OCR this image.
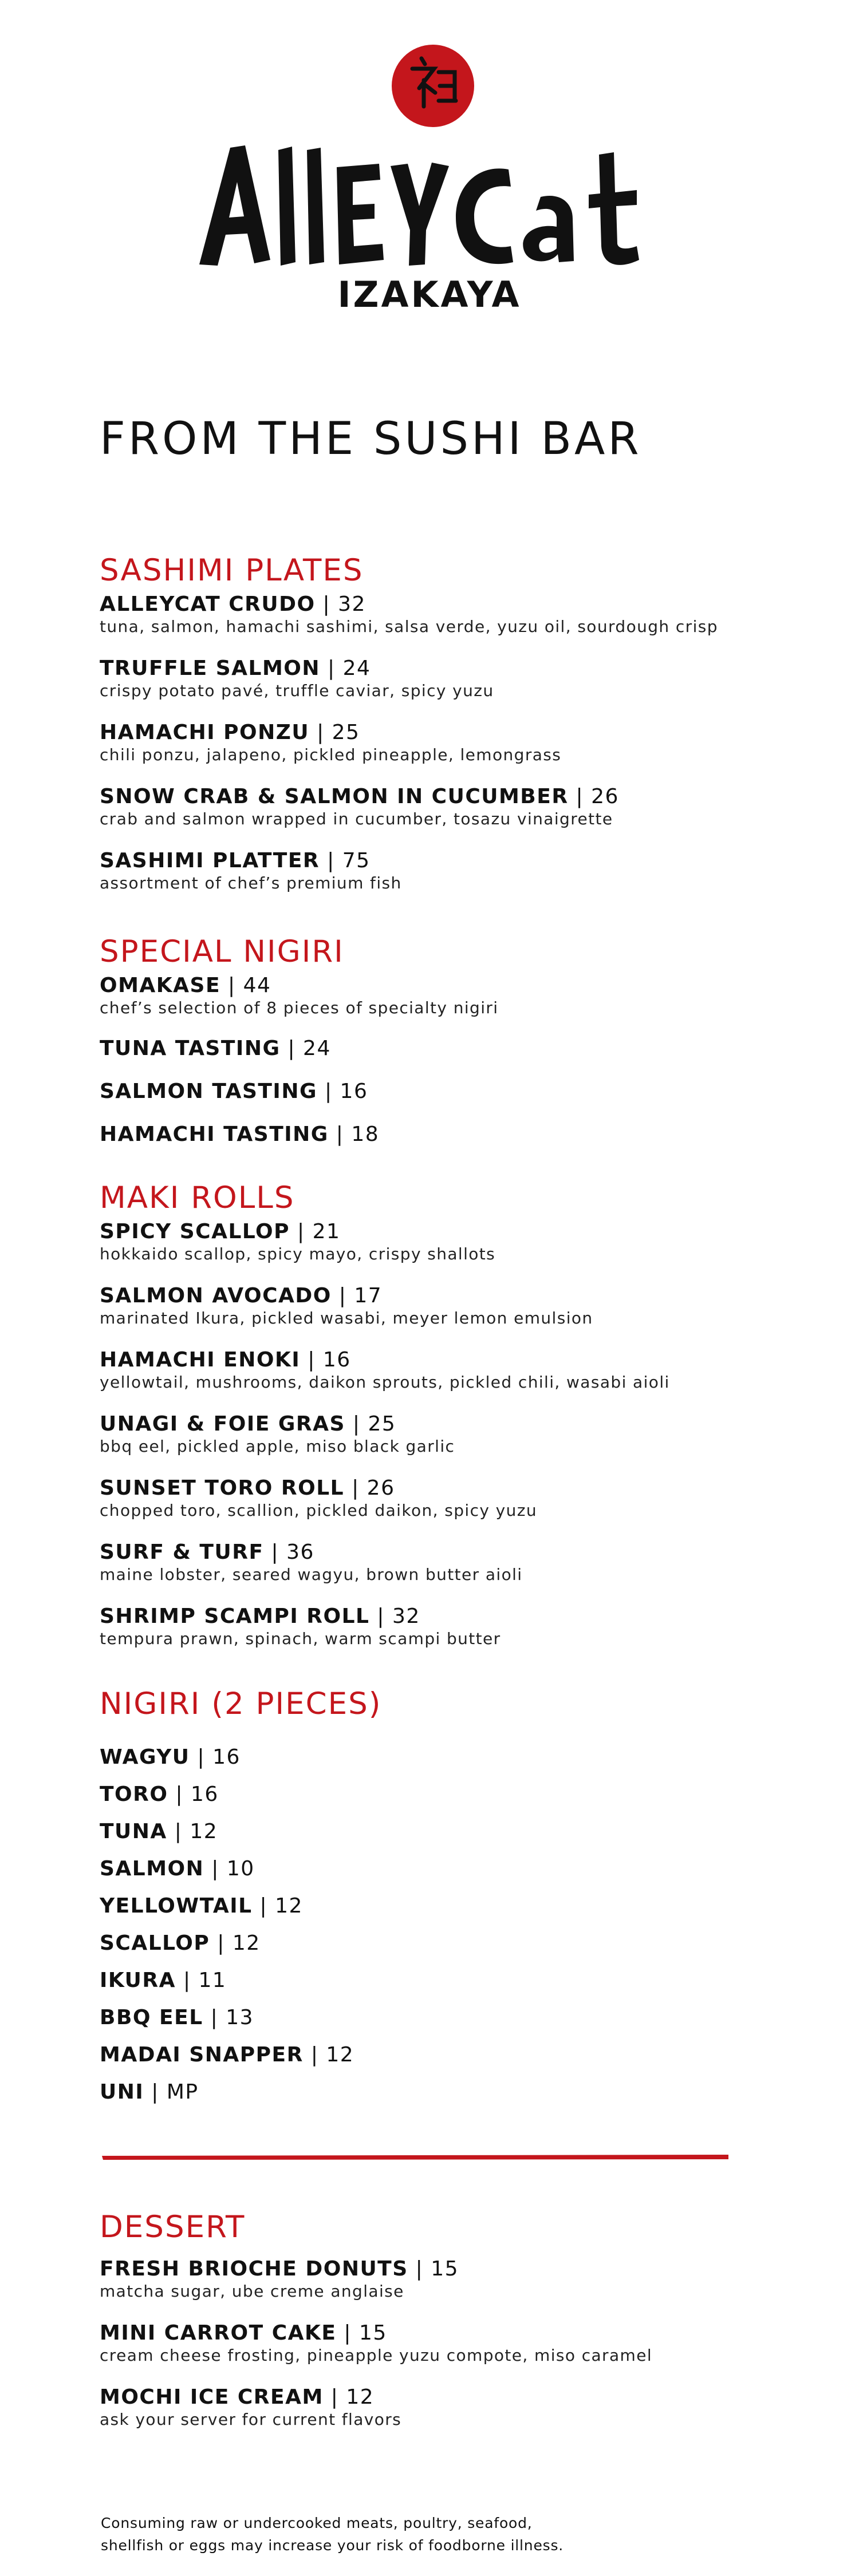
IZAKAYA
FROM THE SUSHI BAR
SASHIMI PLATES
ALLEYCAT CRUDO | 32
tuna, salmon, hamachi sashimi, salsa verde, yuzu oil, sourdough crisp
TRUFFLE SALMON | 24
crispy potato pavé, truffle caviar, spicy yuzu
HAMACHI PONZU | 25
chili ponzu, jalapeno, pickled pineapple, lemongrass
SNOW CRAB & SALMON IN CUCUMBER | 26
crab and salmon wrapped in cucumber, tosazu vinaigrette
SASHIMI PLATTER | 75
assortment of chef’s premium fish
SPECIAL NIGIRI
OMAKASE | 44
chef’s selection of 8 pieces of specialty nigiri
TUNA TASTING | 24
SALMON TASTING | 16
HAMACHI TASTING | 18
MAKI ROLLS
SPICY SCALLOP | 21
hokkaido scallop, spicy mayo, crispy shallots
SALMON AVOCADO | 17
marinated Ikura, pickled wasabi, meyer lemon emulsion
HAMACHI ENOKI | 16
yellowtail, mushrooms, daikon sprouts, pickled chili, wasabi aioli
UNAGI & FOIE GRAS | 25
bbq eel, pickled apple, miso black garlic
SUNSET TORO ROLL | 26
chopped toro, scallion, pickled daikon, spicy yuzu
SURF & TURF | 36
maine lobster, seared wagyu, brown butter aioli
SHRIMP SCAMPI ROLL | 32
tempura prawn, spinach, warm scampi butter
NIGIRI (2 PIECES)
WAGYU | 16
TORO | 16
TUNA | 12
SALMON | 10
YELLOWTAIL | 12
SCALLOP | 12
IKURA | 11
BBQ EEL | 13
MADAI SNAPPER | 12
UNI | MP
DESSERT
FRESH BRIOCHE DONUTS | 15
matcha sugar, ube creme anglaise
MINI CARROT CAKE | 15
cream cheese frosting, pineapple yuzu compote, miso caramel
MOCHI ICE CREAM | 12
ask your server for current flavors
Consuming raw or undercooked meats, poultry, seafood,
shellfish or eggs may increase your risk of foodborne illness.
